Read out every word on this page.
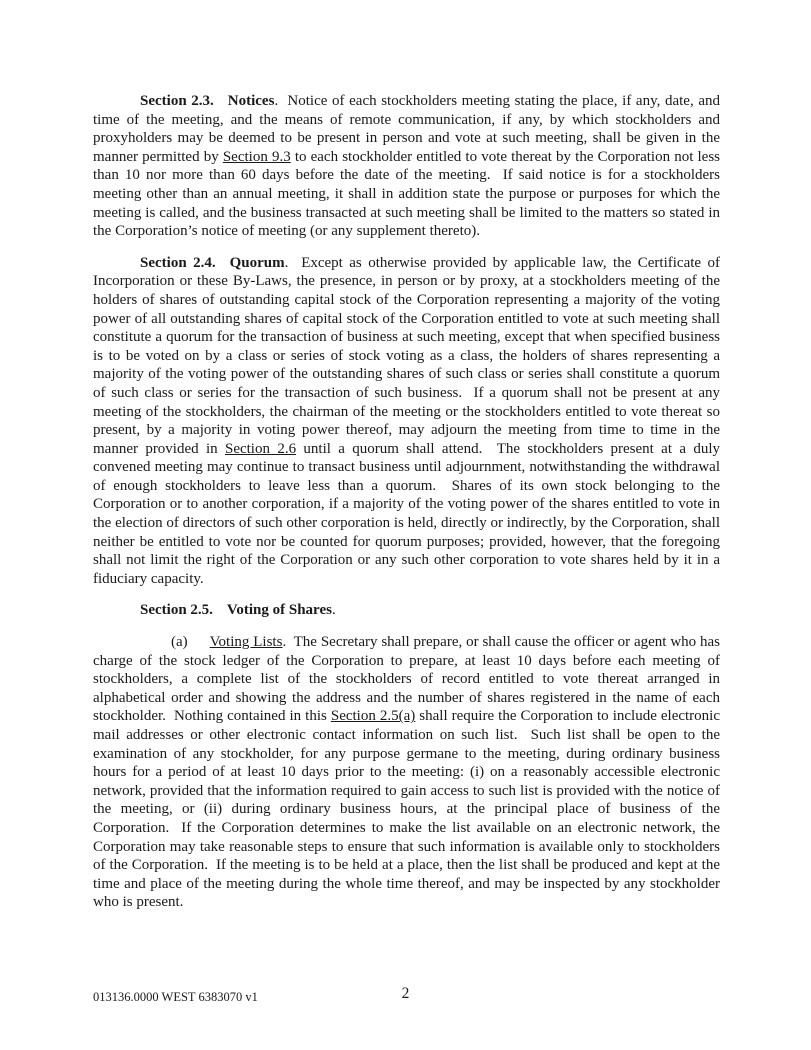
Section 2.3. Notices.  Notice of each stockholders meeting stating the place, if any, date, and time of the meeting, and the means of remote communication, if any, by which stockholders and proxyholders may be deemed to be present in person and vote at such meeting, shall be given in the manner permitted by Section 9.3 to each stockholder entitled to vote thereat by the Corporation not less than 10 nor more than 60 days before the date of the meeting.  If said notice is for a stockholders meeting other than an annual meeting, it shall in addition state the purpose or purposes for which the meeting is called, and the business transacted at such meeting shall be limited to the matters so stated in the Corporation’s notice of meeting (or any supplement thereto).

Section 2.4. Quorum.  Except as otherwise provided by applicable law, the Certificate of Incorporation or these By-Laws, the presence, in person or by proxy, at a stockholders meeting of the holders of shares of outstanding capital stock of the Corporation representing a majority of the voting power of all outstanding shares of capital stock of the Corporation entitled to vote at such meeting shall constitute a quorum for the transaction of business at such meeting, except that when specified business is to be voted on by a class or series of stock voting as a class, the holders of shares representing a majority of the voting power of the outstanding shares of such class or series shall constitute a quorum of such class or series for the transaction of such business.  If a quorum shall not be present at any meeting of the stockholders, the chairman of the meeting or the stockholders entitled to vote thereat so present, by a majority in voting power thereof, may adjourn the meeting from time to time in the manner provided in Section 2.6 until a quorum shall attend.  The stockholders present at a duly convened meeting may continue to transact business until adjournment, notwithstanding the withdrawal of enough stockholders to leave less than a quorum.  Shares of its own stock belonging to the Corporation or to another corporation, if a majority of the voting power of the shares entitled to vote in the election of directors of such other corporation is held, directly or indirectly, by the Corporation, shall neither be entitled to vote nor be counted for quorum purposes; provided, however, that the foregoing shall not limit the right of the Corporation or any such other corporation to vote shares held by it in a fiduciary capacity.

Section 2.5. Voting of Shares.

(a) Voting Lists.  The Secretary shall prepare, or shall cause the officer or agent who has charge of the stock ledger of the Corporation to prepare, at least 10 days before each meeting of stockholders, a complete list of the stockholders of record entitled to vote thereat arranged in alphabetical order and showing the address and the number of shares registered in the name of each stockholder.  Nothing contained in this Section 2.5(a) shall require the Corporation to include electronic mail addresses or other electronic contact information on such list.  Such list shall be open to the examination of any stockholder, for any purpose germane to the meeting, during ordinary business hours for a period of at least 10 days prior to the meeting: (i) on a reasonably accessible electronic network, provided that the information required to gain access to such list is provided with the notice of the meeting, or (ii) during ordinary business hours, at the principal place of business of the Corporation.  If the Corporation determines to make the list available on an electronic network, the Corporation may take reasonable steps to ensure that such information is available only to stockholders of the Corporation.  If the meeting is to be held at a place, then the list shall be produced and kept at the time and place of the meeting during the whole time thereof, and may be inspected by any stockholder who is present.

013136.0000 WEST 6383070 v1	2
